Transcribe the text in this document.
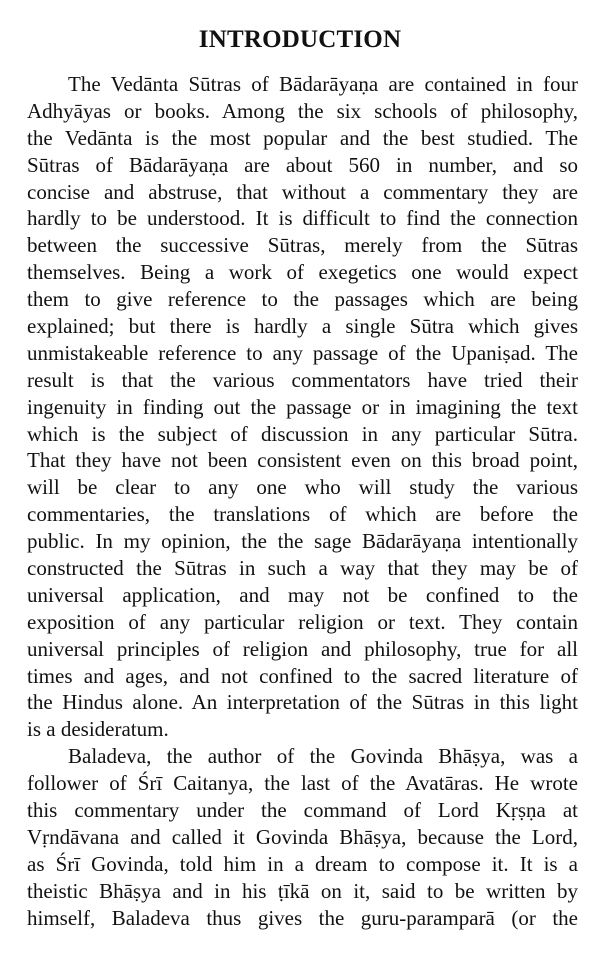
INTRODUCTION
The Vedānta Sūtras of Bādarāyaṇa are contained in four
Adhyāyas or books. Among the six schools of philosophy,
the Vedānta is the most popular and the best studied. The
Sūtras of Bādarāyaṇa are about 560 in number, and so
concise and abstruse, that without a commentary they are
hardly to be understood. It is difficult to find the connection
between the successive Sūtras, merely from the Sūtras
themselves. Being a work of exegetics one would expect
them to give reference to the passages which are being
explained; but there is hardly a single Sūtra which gives
unmistakeable reference to any passage of the Upaniṣad. The
result is that the various commentators have tried their
ingenuity in finding out the passage or in imagining the text
which is the subject of discussion in any particular Sūtra.
That they have not been consistent even on this broad point,
will be clear to any one who will study the various
commentaries, the translations of which are before the
public. In my opinion, the the sage Bādarāyaṇa intentionally
constructed the Sūtras in such a way that they may be of
universal application, and may not be confined to the
exposition of any particular religion or text. They contain
universal principles of religion and philosophy, true for all
times and ages, and not confined to the sacred literature of
the Hindus alone. An interpretation of the Sūtras in this light
is a desideratum.
Baladeva, the author of the Govinda Bhāṣya, was a
follower of Śrī Caitanya, the last of the Avatāras. He wrote
this commentary under the command of Lord Kṛṣṇa at
Vṛndāvana and called it Govinda Bhāṣya, because the Lord,
as Śrī Govinda, told him in a dream to compose it. It is a
theistic Bhāṣya and in his ṭīkā on it, said to be written by
himself, Baladeva thus gives the guru-paramparā (or the
